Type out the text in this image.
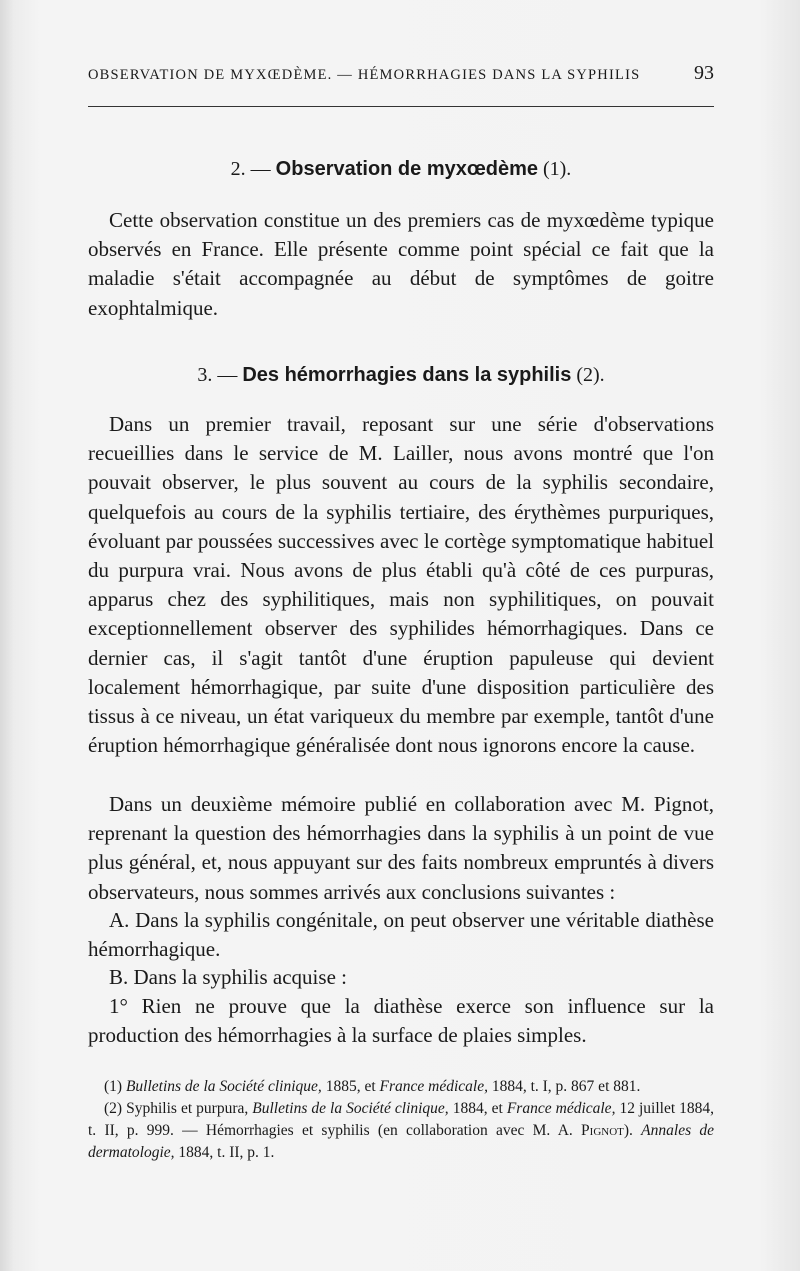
OBSERVATION DE MYXŒDÈME. — HÉMORRHAGIES DANS LA SYPHILIS	93
2. — Observation de myxœdème (1).

Cette observation constitue un des premiers cas de myxœdème typique observés en France. Elle présente comme point spécial ce fait que la maladie s'était accompagnée au début de symptômes de goitre exophtalmique.

3. — Des hémorrhagies dans la syphilis (2).

Dans un premier travail, reposant sur une série d'observations recueillies dans le service de M. Lailler, nous avons montré que l'on pouvait observer, le plus souvent au cours de la syphilis secondaire, quelquefois au cours de la syphilis tertiaire, des érythèmes purpuriques, évoluant par poussées successives avec le cortège symptomatique habituel du purpura vrai. Nous avons de plus établi qu'à côté de ces purpuras, apparus chez des syphilitiques, mais non syphilitiques, on pouvait exceptionnellement observer des syphilides hémorrhagiques. Dans ce dernier cas, il s'agit tantôt d'une éruption papuleuse qui devient localement hémorrhagique, par suite d'une disposition particulière des tissus à ce niveau, un état variqueux du membre par exemple, tantôt d'une éruption hémorrhagique généralisée dont nous ignorons encore la cause.

Dans un deuxième mémoire publié en collaboration avec M. Pignot, reprenant la question des hémorrhagies dans la syphilis à un point de vue plus général, et, nous appuyant sur des faits nombreux empruntés à divers observateurs, nous sommes arrivés aux conclusions suivantes :

A. Dans la syphilis congénitale, on peut observer une véritable diathèse hémorrhagique.

B. Dans la syphilis acquise :

1° Rien ne prouve que la diathèse exerce son influence sur la production des hémorrhagies à la surface de plaies simples.

(1) Bulletins de la Société clinique, 1885, et France médicale, 1884, t. I, p. 867 et 881.

(2) Syphilis et purpura, Bulletins de la Société clinique, 1884, et France médicale, 12 juillet 1884, t. II, p. 999. — Hémorrhagies et syphilis (en collaboration avec M. A. Pignot). Annales de dermatologie, 1884, t. II, p. 1.
